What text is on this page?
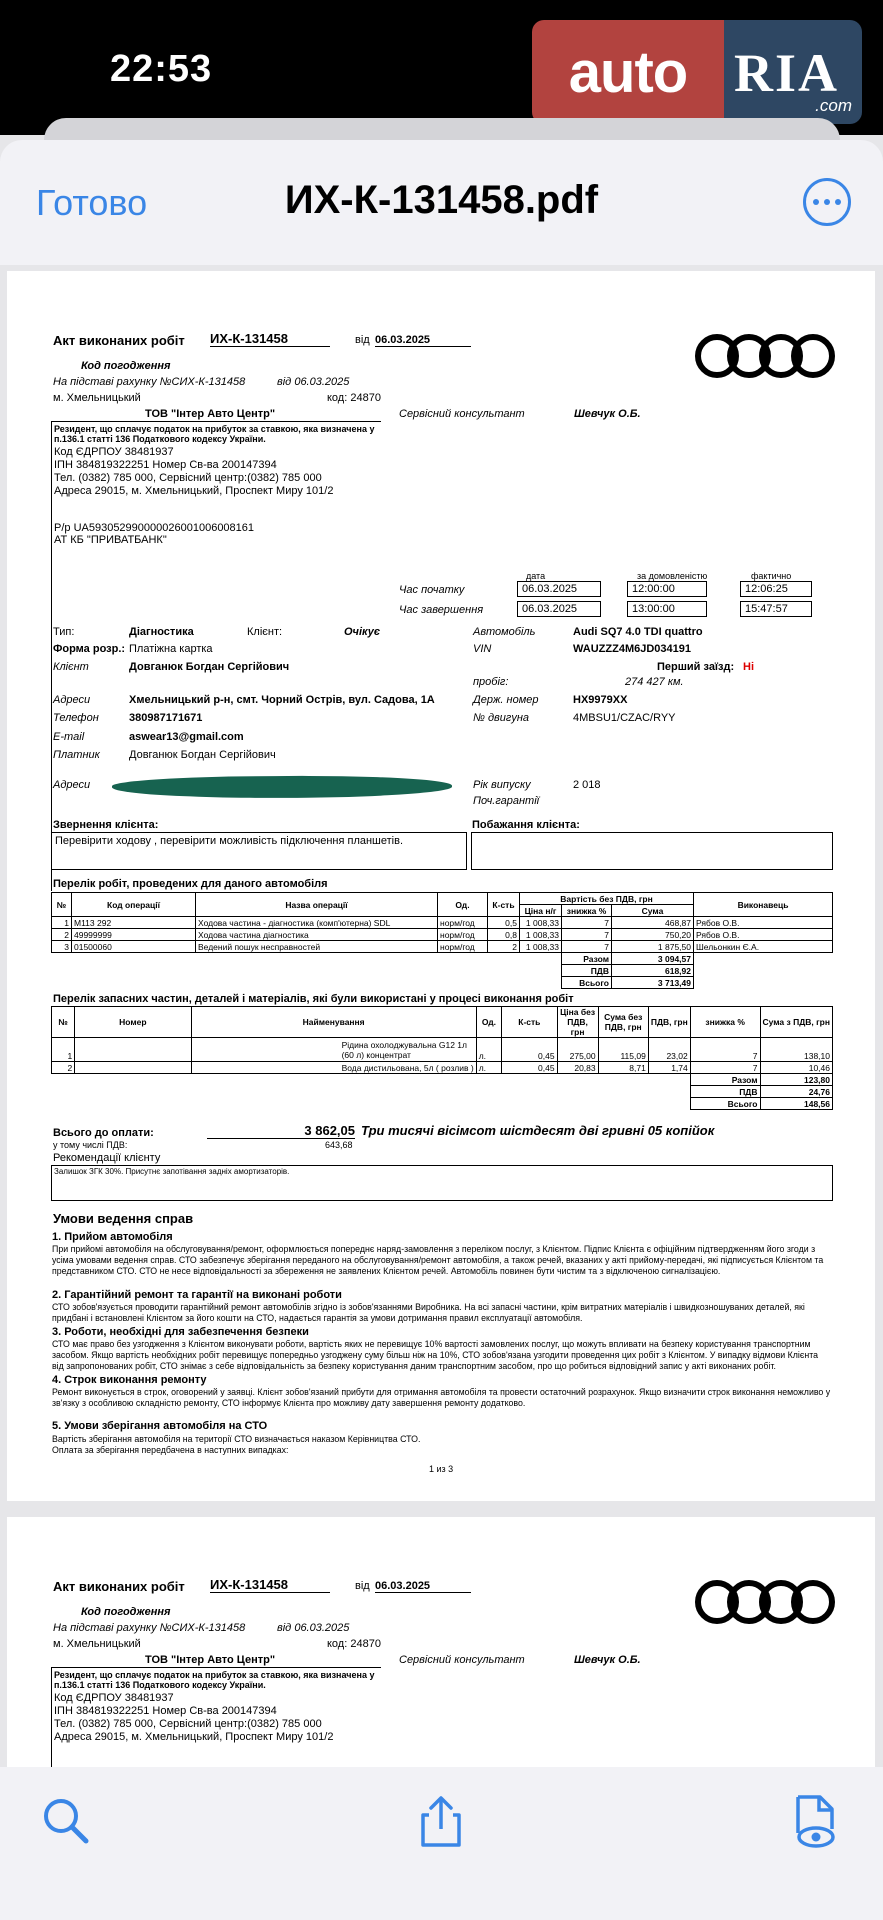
22:53	auto RIA
.com
Готово	ИХ-К-131458.pdf
Акт виконаних робіт ИХ-К-131458	від 06.03.2025
Код погодження
На підставі рахунку №СИХ-К-131458	від 06.03.2025
м. Хмельницький	код: 24870
ТОВ "Інтер Авто Центр"	Сервісний консультант	Шевчук О.Б.
Резидент, що сплачує податок на прибуток за ставкою, яка визначена у п.136.1 статті 136 Податкового кодексу України.
Код ЄДРПОУ 38481937
ІПН 384819322251 Номер Св-ва 200147394
Тел. (0382) 785 000, Сервісний центр:(0382) 785 000
Адреса 29015, м. Хмельницький, Проспект Миру 101/2
Р/р UA593052990000026001006008161
АТ КБ "ПРИВАТБАНК"
дата	за домовленістю	фактично
Час початку	06.03.2025	12:00:00	12:06:25
Час завершення	06.03.2025	13:00:00	15:47:57
Тип:	Діагностика	Клієнт:	Очікує	Автомобіль	Audi SQ7 4.0 TDI quattro
Форма розр.: Платіжна картка	VIN	WAUZZZ4M6JD034191
Клієнт	Довганюк Богдан Сергійович	Перший заїзд: Ні
пробіг:	274 427 км.
Адреси	Хмельницький р-н, смт. Чорний Острів, вул. Садова, 1А	Держ. номер	HX9979XX
Телефон	380987171671	№ двигуна	4MBSU1/CZAC/RYY
E-mail	aswear13@gmail.com
Платник	Довганюк Богдан Сергійович
Адреси	Рік випуску	2 018
Поч.гарантії
Звернення клієнта:	Побажання клієнта:
Перевірити ходову , перевірити можливість підключення планшетів.
Перелік робіт, проведених для даного автомобіля
№	Код операції	Назва операції	Од.	К-сть	Вартість без ПДВ, грн			Виконавець
					Ціна н/г	знижка %	Сума	
1	M113 292	Ходова частина - діагностика (комп'ютерна) SDL	норм/год	0,5	1 008,33	7	468,87	Рябов О.В.
2	49999999	Ходова частина діагностика	норм/год	0,8	1 008,33	7	750,20	Рябов О.В.
3	01500060	Ведений пошук несправностей	норм/год	2	1 008,33	7	1 875,50	Шельонкин Є.А.
						Разом	3 094,57	
						ПДВ	618,92	
						Всього	3 713,49	
Перелік запасних частин, деталей і матеріалів, які були використані у процесі виконання робіт
№	Номер	Найменування	Од.	К-сть	Ціна без ПДВ, грн	Сума без ПДВ, грн	ПДВ, грн	знижка %	Сума з ПДВ, грн
1		Рідина охолоджувальна G12 1л (60 л) концентрат	л.	0,45	275,00	115,09	23,02	7	138,10
2		Вода дистильована, 5л ( розлив )	л.	0,45	20,83	8,71	1,74	7	10,46
								Разом	123,80
								ПДВ	24,76
								Всього	148,56
Всього до оплати:	3 862,05 Три тисячі вісімсот шістдесят дві гривні 05 копійок
у тому числі ПДВ:	643,68
Рекомендації клієнту
Залишок ЗГК 30%. Присутнє запотівання задніх амортизаторів.
Умови ведення справ
1. Прийом автомобіля
При прийомі автомобіля на обслуговування/ремонт, оформлюється попереднє наряд-замовлення з переліком послуг, з Клієнтом. Підпис Клієнта є офіційним підтвердженням його згоди з усіма умовами ведення справ. СТО забезпечує зберігання переданого на обслуговування/ремонт автомобіля, а також речей, вказаних у акті прийому-передачі, які підписується Клієнтом та представником СТО. СТО не несе відповідальності за збереження не заявлених Клієнтом речей. Автомобіль повинен бути чистим та з відключеною сигналізацією.
2. Гарантійний ремонт та гарантії на виконані роботи
СТО зобов'язується проводити гарантійний ремонт автомобілів згідно із зобов'язаннями Виробника. На всі запасні частини, крім витратних матеріалів і швидкозношуваних деталей, які придбані і встановлені Клієнтом за його кошти на СТО, надається гарантія за умови дотримання правил експлуатації автомобіля.
3. Роботи, необхідні для забезпечення безпеки
СТО має право без узгодження з Клієнтом виконувати роботи, вартість яких не перевищує 10% вартості замовлених послуг, що можуть впливати на безпеку користування транспортним засобом. Якщо вартість необхідних робіт перевищує попередньо узгоджену суму більш ніж на 10%, СТО зобов'язана узгодити проведення цих робіт з Клієнтом. У випадку відмови Клієнта від запропонованих робіт, СТО знімає з себе відповідальність за безпеку користування даним транспортним засобом, про що робиться відповідний запис у акті виконаних робіт.
4. Строк виконання ремонту
Ремонт виконується в строк, оговорений у заявці. Клієнт зобов'язаний прибути для отримання автомобіля та провести остаточний розрахунок. Якщо визначити строк виконання неможливо у зв'язку з особливою складністю ремонту, СТО інформує Клієнта про можливу дату завершення ремонту додатково.
5. Умови зберігання автомобіля на СТО
Вартість зберігання автомобіля на території СТО визначається наказом Керівництва СТО.
Оплата за зберігання передбачена в наступних випадках:
1 из 3
Акт виконаних робіт ИХ-К-131458	від 06.03.2025
Код погодження
На підставі рахунку №СИХ-К-131458	від 06.03.2025
м. Хмельницький	код: 24870
ТОВ "Інтер Авто Центр"	Сервісний консультант	Шевчук О.Б.
Резидент, що сплачує податок на прибуток за ставкою, яка визначена у п.136.1 статті 136 Податкового кодексу України.
Код ЄДРПОУ 38481937
ІПН 384819322251 Номер Св-ва 200147394
Тел. (0382) 785 000, Сервісний центр:(0382) 785 000
Адреса 29015, м. Хмельницький, Проспект Миру 101/2
